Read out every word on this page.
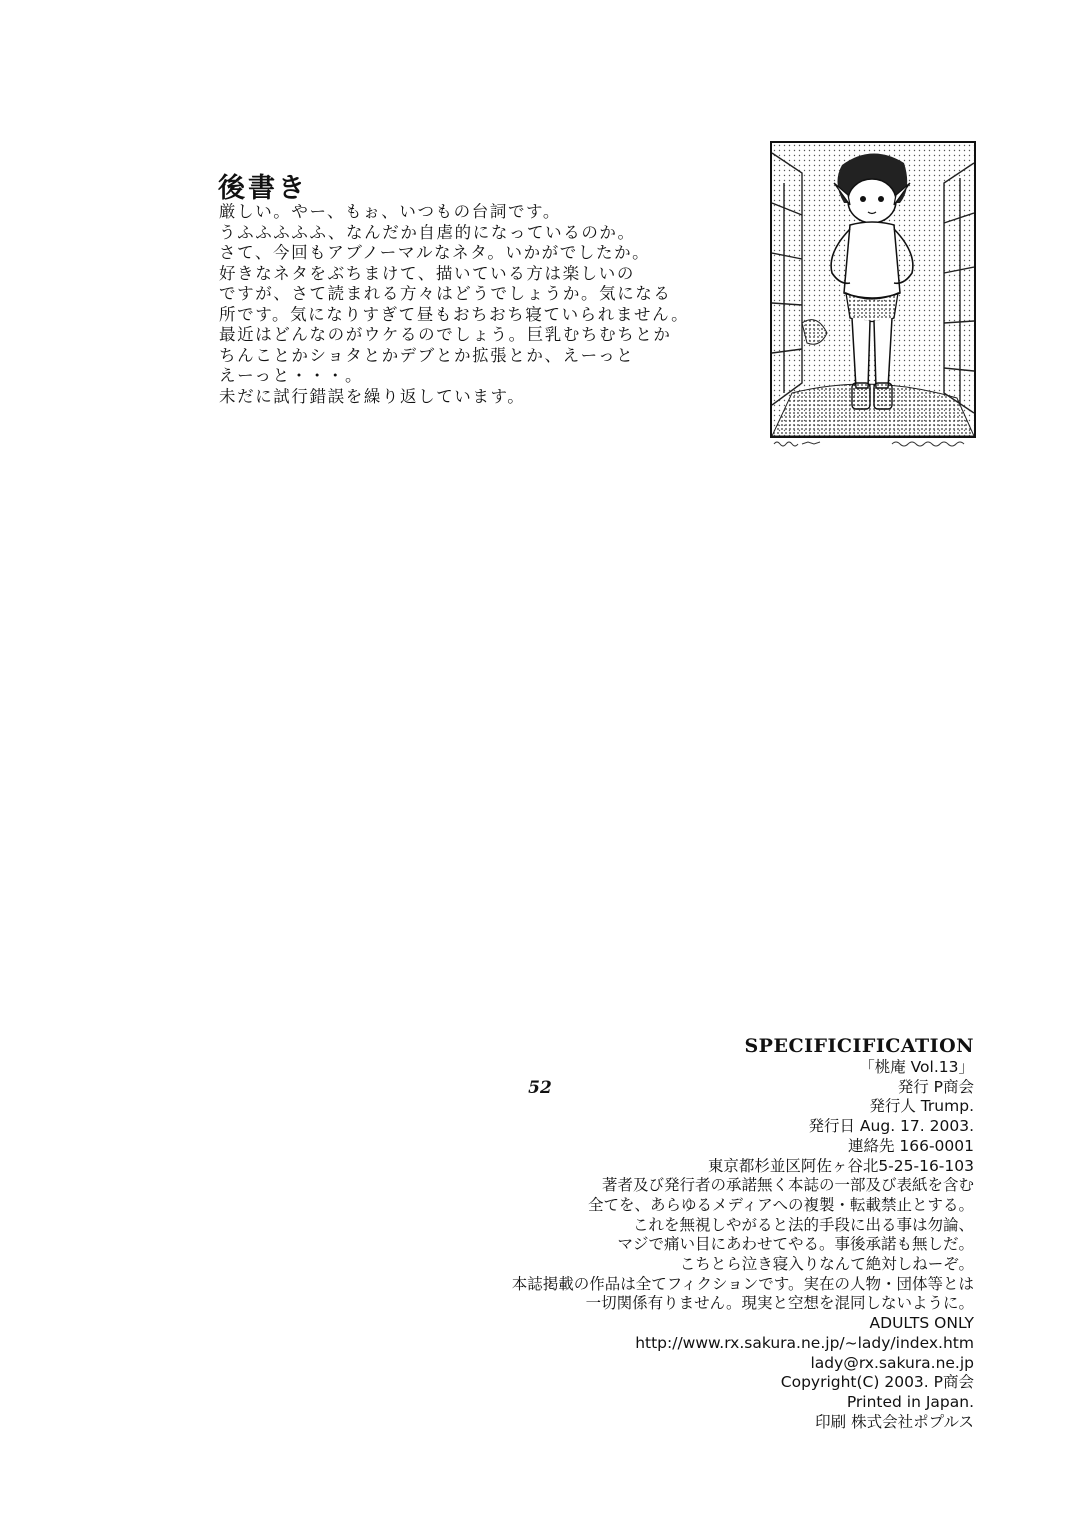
後書き
厳しい。やー、もぉ、いつもの台詞です。
うふふふふふ、なんだか自虐的になっているのか。
さて、今回もアブノーマルなネタ。いかがでしたか。
好きなネタをぶちまけて、描いている方は楽しいの
ですが、さて読まれる方々はどうでしょうか。気になる
所です。気になりすぎて昼もおちおち寝ていられません。
最近はどんなのがウケるのでしょう。巨乳むちむちとか
ちんことかショタとかデブとか拡張とか、えーっと
えーっと・・・。
未だに試行錯誤を繰り返しています。
SPECIFICIFICATION
「桃庵 Vol.13」
発行 P商会
発行人 Trump.
発行日 Aug. 17. 2003.
連絡先 166-0001
東京都杉並区阿佐ヶ谷北5-25-16-103
著者及び発行者の承諾無く本誌の一部及び表紙を含む
全てを、あらゆるメディアへの複製・転載禁止とする。
これを無視しやがると法的手段に出る事は勿論、
マジで痛い目にあわせてやる。事後承諾も無しだ。
こちとら泣き寝入りなんて絶対しねーぞ。
本誌掲載の作品は全てフィクションです。実在の人物・団体等とは
一切関係有りません。現実と空想を混同しないように。
ADULTS ONLY
http://www.rx.sakura.ne.jp/~lady/index.htm
lady@rx.sakura.ne.jp
Copyright(C) 2003. P商会
Printed in Japan.
印刷 株式会社ポプルス
52
